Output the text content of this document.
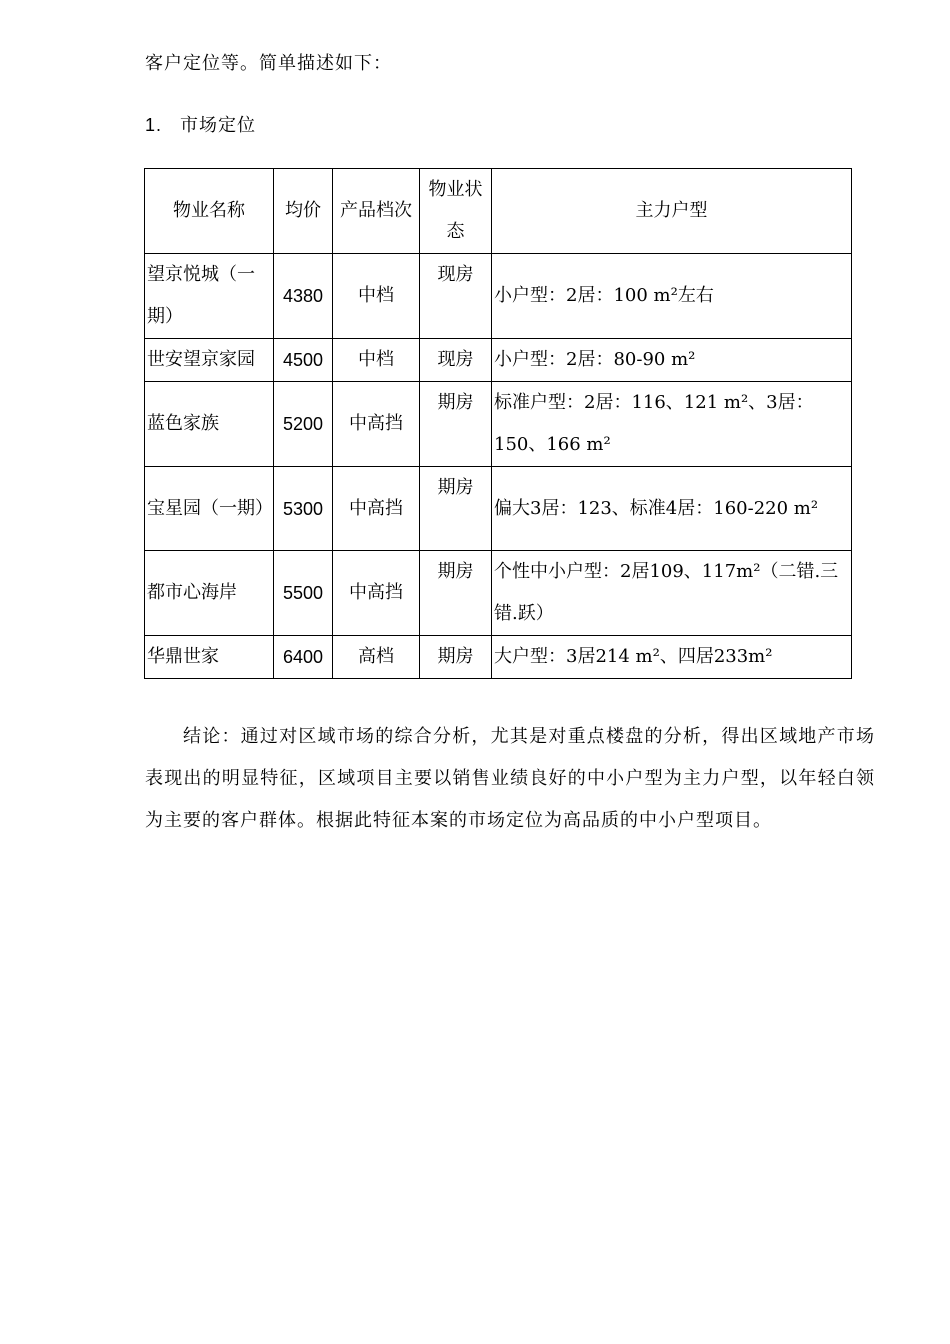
客户定位等。简单描述如下：

1. 市场定位

物业名称	均价	产品档次	物业状态	主力户型
望京悦城（一期）	4380	中档	现房	小户型：2居：100 m²左右
世安望京家园	4500	中档	现房	小户型：2居：80-90 m²
蓝色家族	5200	中高挡	期房	标准户型：2居：116、121 m²、3居：150、166 m²
宝星园（一期）	5300	中高挡	期房	偏大3居：123、标准4居：160-220 m²
都市心海岸	5500	中高挡	期房	个性中小户型：2居109、117m²（二错.三错.跃）
华鼎世家	6400	高档	期房	大户型：3居214 m²、四居233m²

结论：通过对区域市场的综合分析，尤其是对重点楼盘的分析，得出区域地产市场表现出的明显特征，区域项目主要以销售业绩良好的中小户型为主力户型，以年轻白领为主要的客户群体。根据此特征本案的市场定位为高品质的中小户型项目。
